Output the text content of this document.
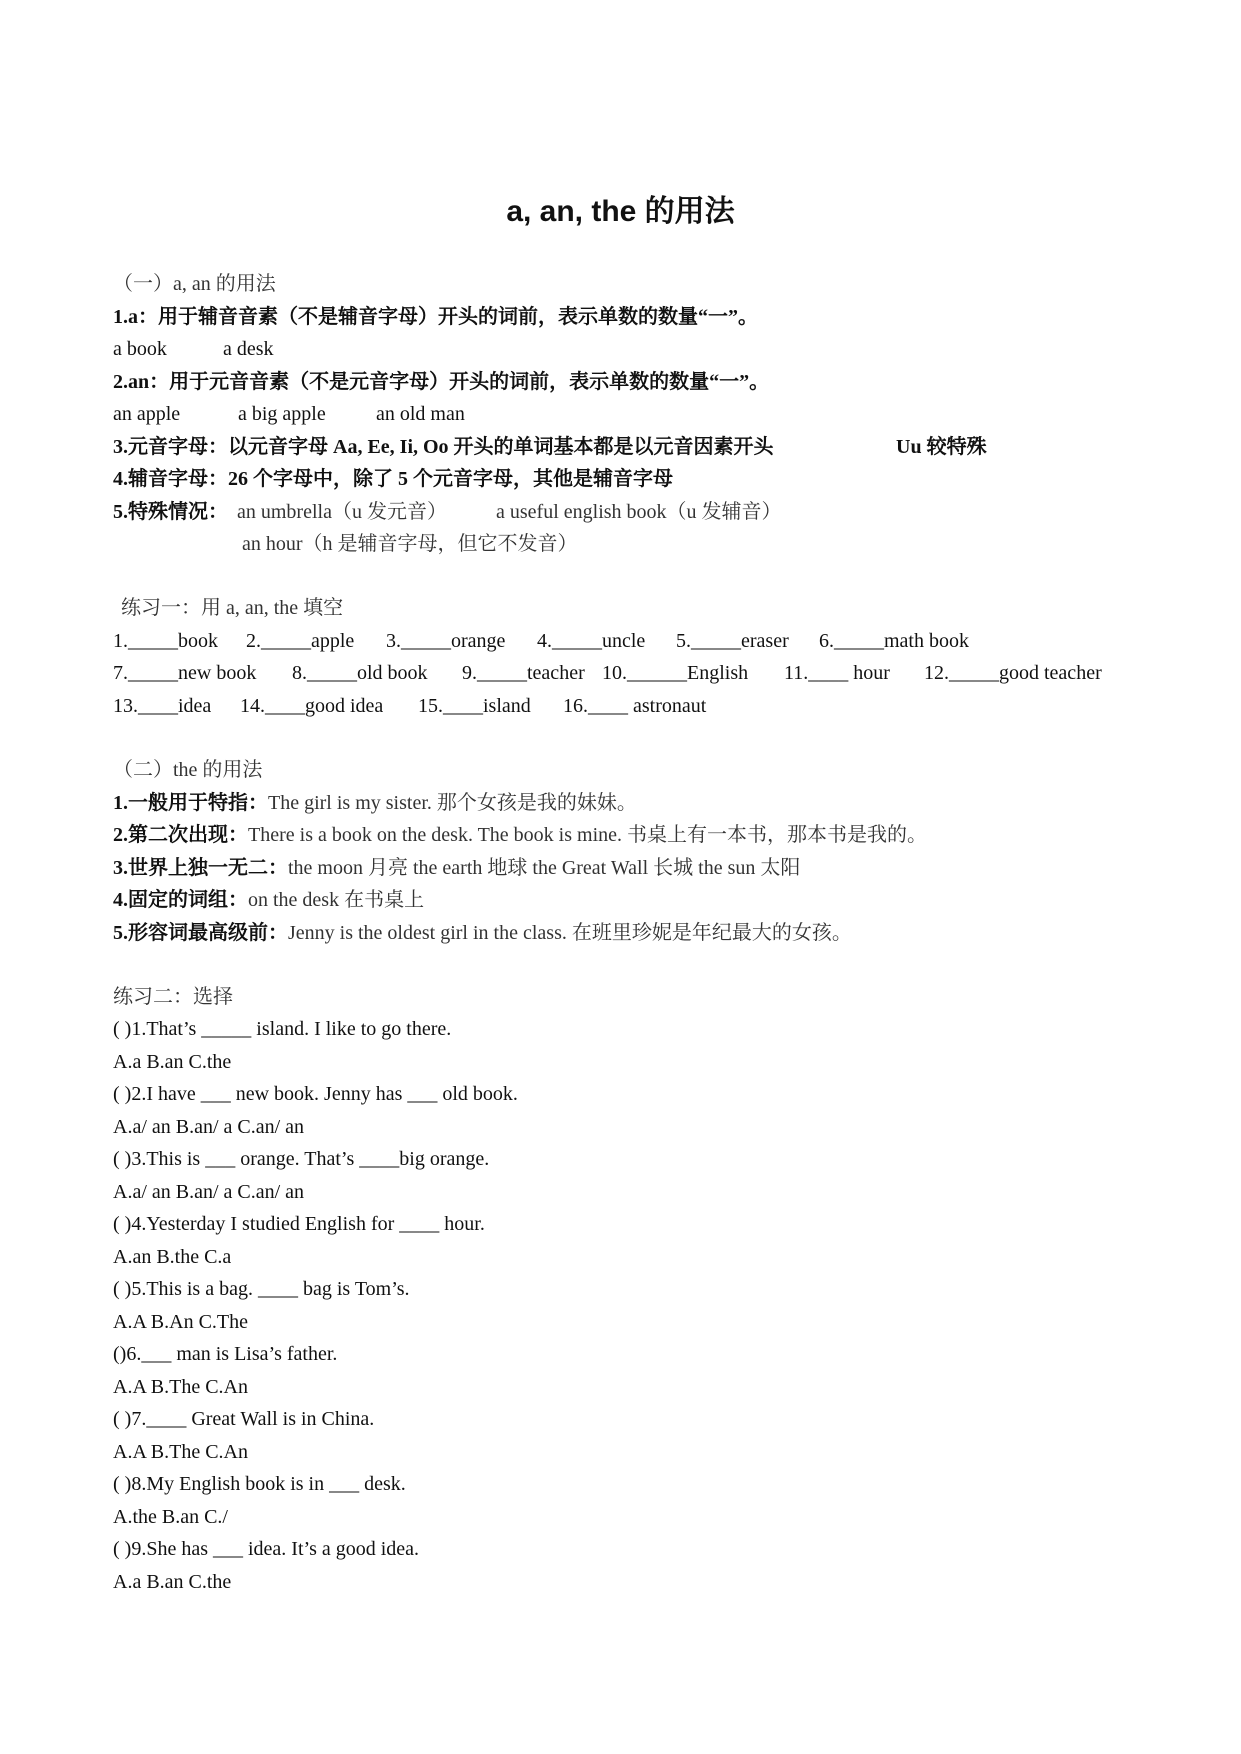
a, an, the 的用法
（一）a, an 的用法
1.a：用于辅音音素（不是辅音字母）开头的词前，表示单数的数量“一”。
a book	a desk
2.an：用于元音音素（不是元音字母）开头的词前，表示单数的数量“一”。
an apple	a big apple	an old man
3.元音字母：以元音字母 Aa, Ee, Ii, Oo 开头的单词基本都是以元音因素开头	Uu 较特殊
4.辅音字母：26 个字母中，除了 5 个元音字母，其他是辅音字母
5.特殊情况： an umbrella（u 发元音） a useful english book（u 发辅音）
an hour（h 是辅音字母，但它不发音）
练习一：用 a, an, the 填空
1._____book 2._____apple 3._____orange 4._____uncle 5._____eraser 6._____math book
7._____new book 8._____old book 9._____teacher 10.______English 11.____ hour 12._____good teacher
13.____idea 14.____good idea 15.____island 16.____ astronaut
（二）the 的用法
1.一般用于特指：The girl is my sister. 那个女孩是我的妹妹。
2.第二次出现：There is a book on the desk. The book is mine. 书桌上有一本书，那本书是我的。
3.世界上独一无二：the moon 月亮 the earth 地球 the Great Wall 长城 the sun 太阳
4.固定的词组：on the desk 在书桌上
5.形容词最高级前：Jenny is the oldest girl in the class. 在班里珍妮是年纪最大的女孩。
练习二：选择
( )1.That’s _____ island. I like to go there.
A.a B.an C.the
( )2.I have ___ new book. Jenny has ___ old book.
A.a/ an B.an/ a C.an/ an
( )3.This is ___ orange. That’s ____big orange.
A.a/ an B.an/ a C.an/ an
( )4.Yesterday I studied English for ____ hour.
A.an B.the C.a
( )5.This is a bag. ____ bag is Tom’s.
A.A B.An C.The
()6.___ man is Lisa’s father.
A.A B.The C.An
( )7.____ Great Wall is in China.
A.A B.The C.An
( )8.My English book is in ___ desk.
A.the B.an C./
( )9.She has ___ idea. It’s a good idea.
A.a B.an C.the
